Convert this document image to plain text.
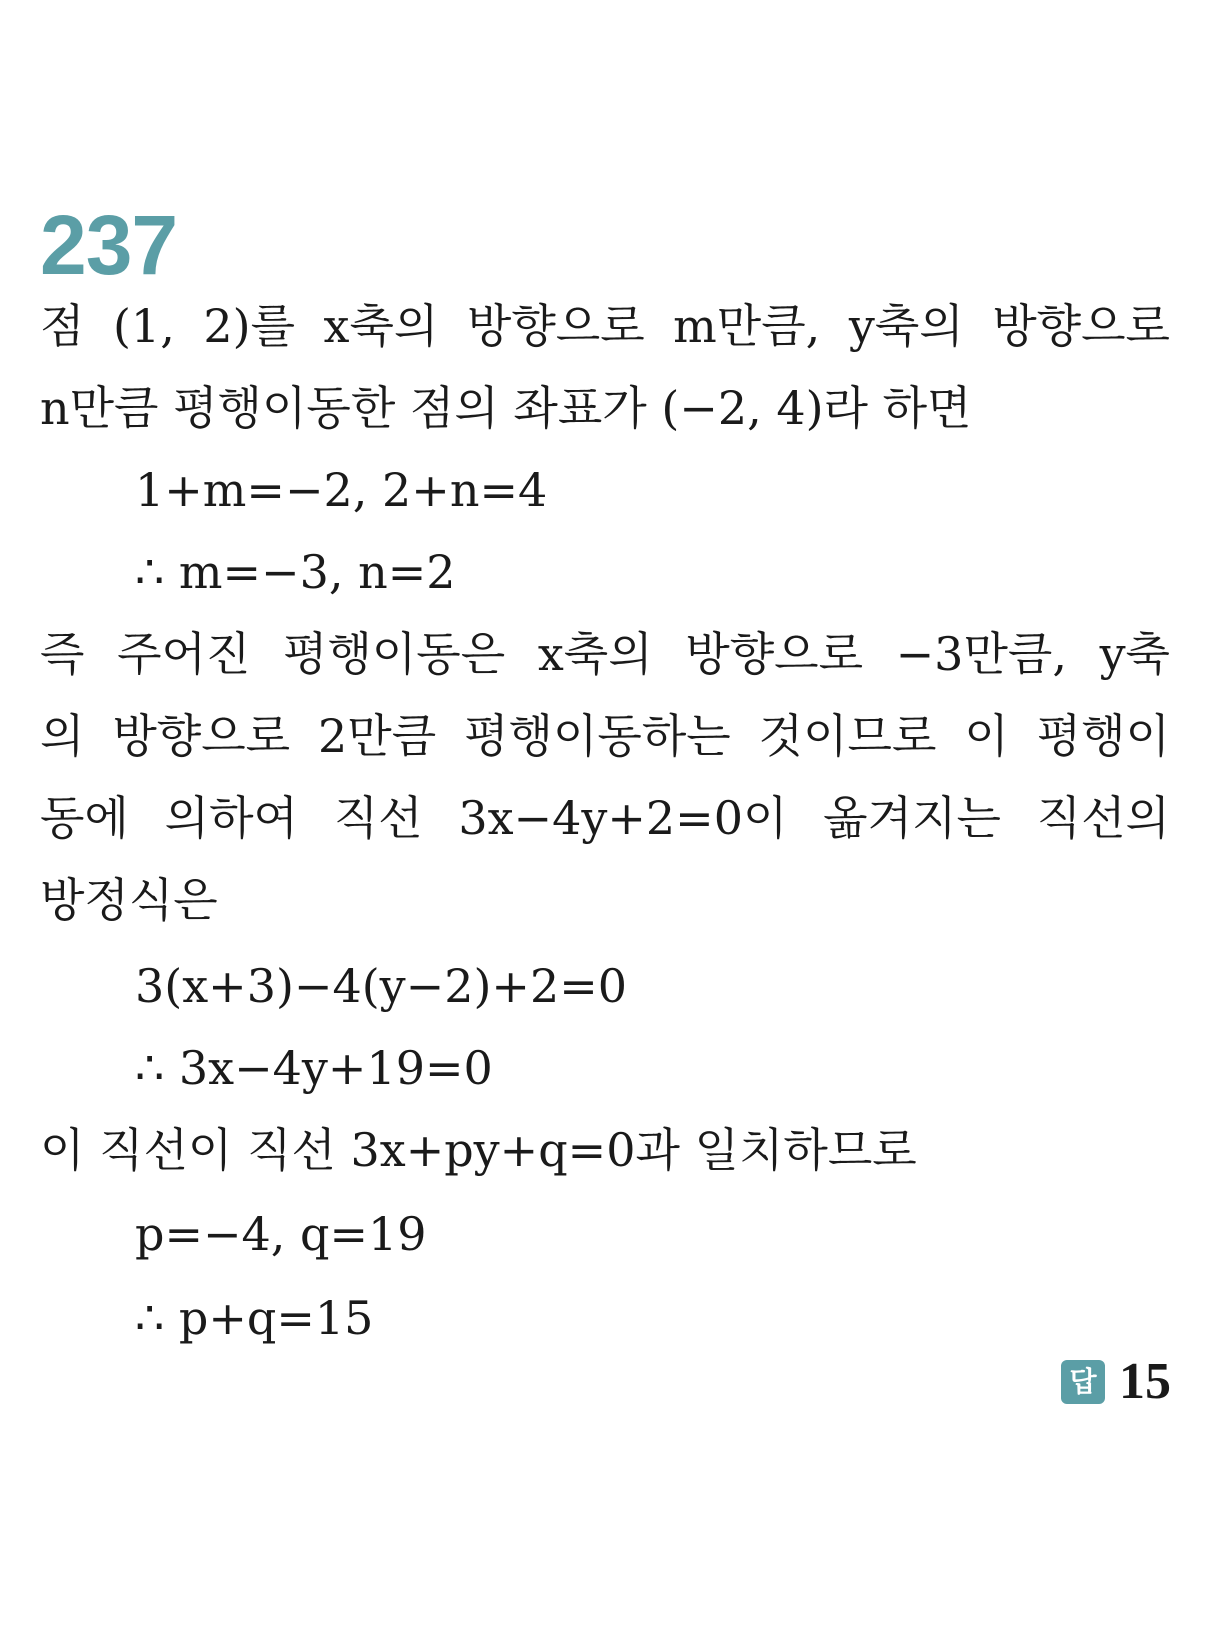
237
점 (1, 2)를 x축의 방향으로 m만큼, y축의 방향으로
n만큼 평행이동한 점의 좌표가 (−2, 4)라 하면
1+m=−2, 2+n=4
∴ m=−3, n=2
즉 주어진 평행이동은 x축의 방향으로 −3만큼, y축
의 방향으로 2만큼 평행이동하는 것이므로 이 평행이
동에 의하여 직선 3x−4y+2=0이 옮겨지는 직선의
방정식은
3(x+3)−4(y−2)+2=0
∴ 3x−4y+19=0
이 직선이 직선 3x+py+q=0과 일치하므로
p=−4, q=19
∴ p+q=15
답 15
